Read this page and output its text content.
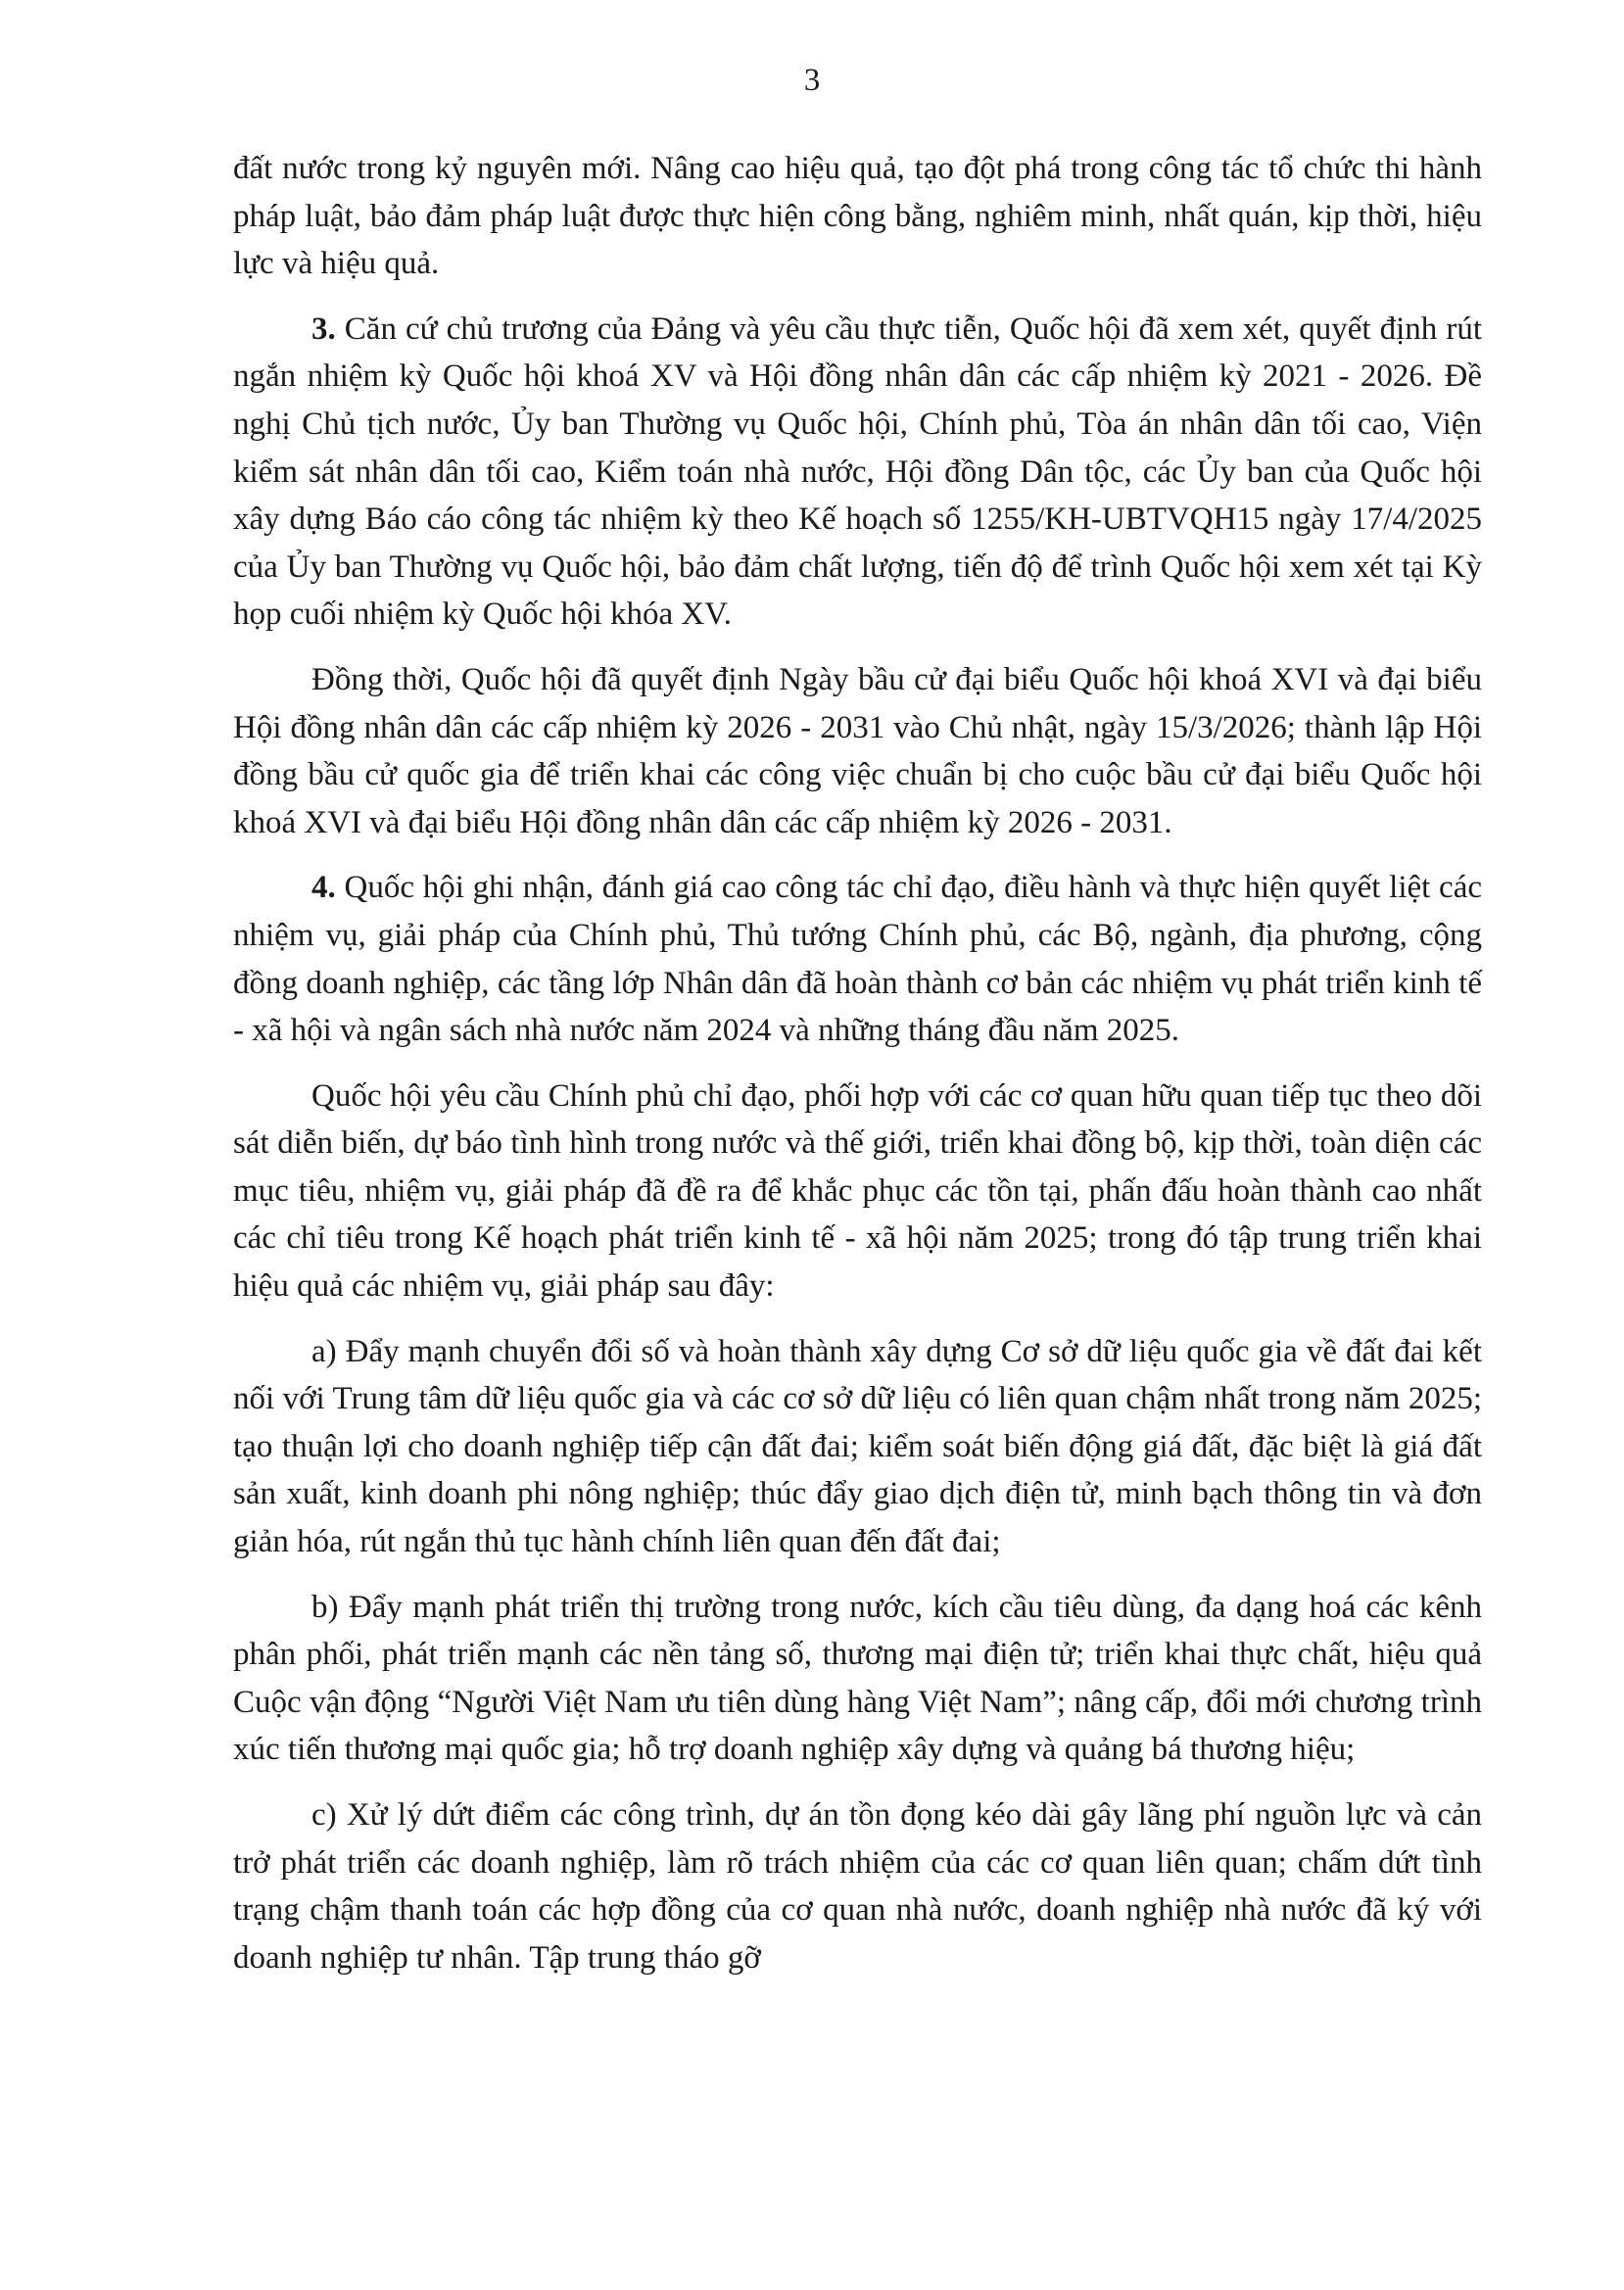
3

đất nước trong kỷ nguyên mới. Nâng cao hiệu quả, tạo đột phá trong công tác tổ chức thi hành pháp luật, bảo đảm pháp luật được thực hiện công bằng, nghiêm minh, nhất quán, kịp thời, hiệu lực và hiệu quả.

3. Căn cứ chủ trương của Đảng và yêu cầu thực tiễn, Quốc hội đã xem xét, quyết định rút ngắn nhiệm kỳ Quốc hội khoá XV và Hội đồng nhân dân các cấp nhiệm kỳ 2021 - 2026. Đề nghị Chủ tịch nước, Ủy ban Thường vụ Quốc hội, Chính phủ, Tòa án nhân dân tối cao, Viện kiểm sát nhân dân tối cao, Kiểm toán nhà nước, Hội đồng Dân tộc, các Ủy ban của Quốc hội xây dựng Báo cáo công tác nhiệm kỳ theo Kế hoạch số 1255/KH-UBTVQH15 ngày 17/4/2025 của Ủy ban Thường vụ Quốc hội, bảo đảm chất lượng, tiến độ để trình Quốc hội xem xét tại Kỳ họp cuối nhiệm kỳ Quốc hội khóa XV.

Đồng thời, Quốc hội đã quyết định Ngày bầu cử đại biểu Quốc hội khoá XVI và đại biểu Hội đồng nhân dân các cấp nhiệm kỳ 2026 - 2031 vào Chủ nhật, ngày 15/3/2026; thành lập Hội đồng bầu cử quốc gia để triển khai các công việc chuẩn bị cho cuộc bầu cử đại biểu Quốc hội khoá XVI và đại biểu Hội đồng nhân dân các cấp nhiệm kỳ 2026 - 2031.

4. Quốc hội ghi nhận, đánh giá cao công tác chỉ đạo, điều hành và thực hiện quyết liệt các nhiệm vụ, giải pháp của Chính phủ, Thủ tướng Chính phủ, các Bộ, ngành, địa phương, cộng đồng doanh nghiệp, các tầng lớp Nhân dân đã hoàn thành cơ bản các nhiệm vụ phát triển kinh tế - xã hội và ngân sách nhà nước năm 2024 và những tháng đầu năm 2025.

Quốc hội yêu cầu Chính phủ chỉ đạo, phối hợp với các cơ quan hữu quan tiếp tục theo dõi sát diễn biến, dự báo tình hình trong nước và thế giới, triển khai đồng bộ, kịp thời, toàn diện các mục tiêu, nhiệm vụ, giải pháp đã đề ra để khắc phục các tồn tại, phấn đấu hoàn thành cao nhất các chỉ tiêu trong Kế hoạch phát triển kinh tế - xã hội năm 2025; trong đó tập trung triển khai hiệu quả các nhiệm vụ, giải pháp sau đây:

a) Đẩy mạnh chuyển đổi số và hoàn thành xây dựng Cơ sở dữ liệu quốc gia về đất đai kết nối với Trung tâm dữ liệu quốc gia và các cơ sở dữ liệu có liên quan chậm nhất trong năm 2025; tạo thuận lợi cho doanh nghiệp tiếp cận đất đai; kiểm soát biến động giá đất, đặc biệt là giá đất sản xuất, kinh doanh phi nông nghiệp; thúc đẩy giao dịch điện tử, minh bạch thông tin và đơn giản hóa, rút ngắn thủ tục hành chính liên quan đến đất đai;

b) Đẩy mạnh phát triển thị trường trong nước, kích cầu tiêu dùng, đa dạng hoá các kênh phân phối, phát triển mạnh các nền tảng số, thương mại điện tử; triển khai thực chất, hiệu quả Cuộc vận động “Người Việt Nam ưu tiên dùng hàng Việt Nam”; nâng cấp, đổi mới chương trình xúc tiến thương mại quốc gia; hỗ trợ doanh nghiệp xây dựng và quảng bá thương hiệu;

c) Xử lý dứt điểm các công trình, dự án tồn đọng kéo dài gây lãng phí nguồn lực và cản trở phát triển các doanh nghiệp, làm rõ trách nhiệm của các cơ quan liên quan; chấm dứt tình trạng chậm thanh toán các hợp đồng của cơ quan nhà nước, doanh nghiệp nhà nước đã ký với doanh nghiệp tư nhân. Tập trung tháo gỡ
